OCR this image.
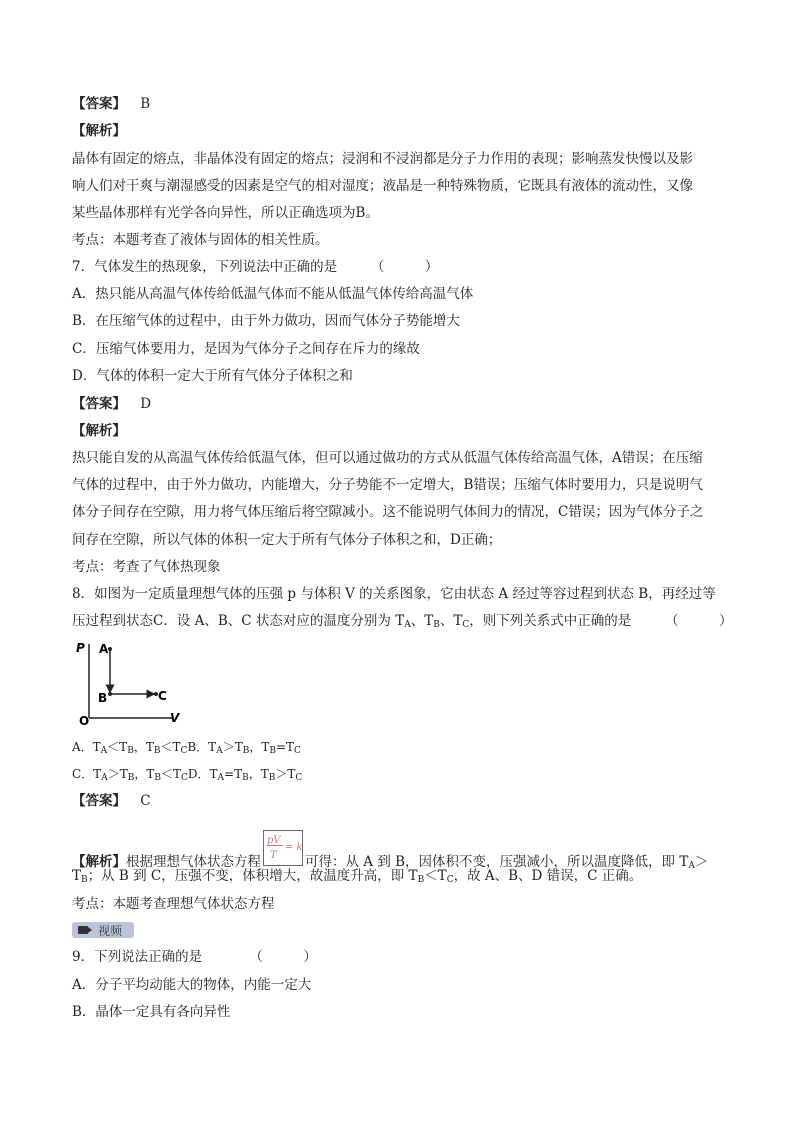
【答案】 B
【解析】
晶体有固定的熔点，非晶体没有固定的熔点；浸润和不浸润都是分子力作用的表现；影响蒸发快慢以及影
响人们对干爽与潮湿感受的因素是空气的相对湿度；液晶是一种特殊物质，它既具有液体的流动性，又像
某些晶体那样有光学各向异性，所以正确选项为B。
考点：本题考查了液体与固体的相关性质。
7．气体发生的热现象，下列说法中正确的是　　　（　　　）
A．热只能从高温气体传给低温气体而不能从低温气体传给高温气体
B．在压缩气体的过程中，由于外力做功，因而气体分子势能增大
C．压缩气体要用力，是因为气体分子之间存在斥力的缘故
D．气体的体积一定大于所有气体分子体积之和
【答案】 D
【解析】
热只能自发的从高温气体传给低温气体，但可以通过做功的方式从低温气体传给高温气体，A错误；在压缩
气体的过程中，由于外力做功，内能增大，分子势能不一定增大，B错误；压缩气体时要用力，只是说明气
体分子间存在空隙，用力将气体压缩后将空隙减小。这不能说明气体间力的情况，C错误；因为气体分子之
间存在空隙，所以气体的体积一定大于所有气体分子体积之和，D正确；
考点：考查了气体热现象
8．如图为一定质量理想气体的压强 p 与体积 V 的关系图象，它由状态 A 经过等容过程到状态 B，再经过等
压过程到状态C．设 A、B、C 状态对应的温度分别为 $T_A$、$T_B$、$T_C$，则下列关系式中正确的是　　　（　　　）
P
V
O
A
B	C
A．$T_A<T_B$，$T_B<T_CB$．$T_A>T_B$，$T_B=T_C$
C．$T_A>T_B$，$T_B<T_CD$．$T_A=T_B$，$T_B>T_C$
【答案】 C
【解析】根据理想气体状态方程
pV
T
= k
可得：从 A 到 B，因体积不变，压强减小，所以温度降低，即 $T_A>$
$T_B$；从 B 到 C，压强不变，体积增大，故温度升高，即 $T_B<T_C$，故 A、B、D 错误，C 正确。
考点：本题考查理想气体状态方程
视频
9．下列说法正确的是　　　　（　　　）
A．分子平均动能大的物体，内能一定大
B．晶体一定具有各向异性
